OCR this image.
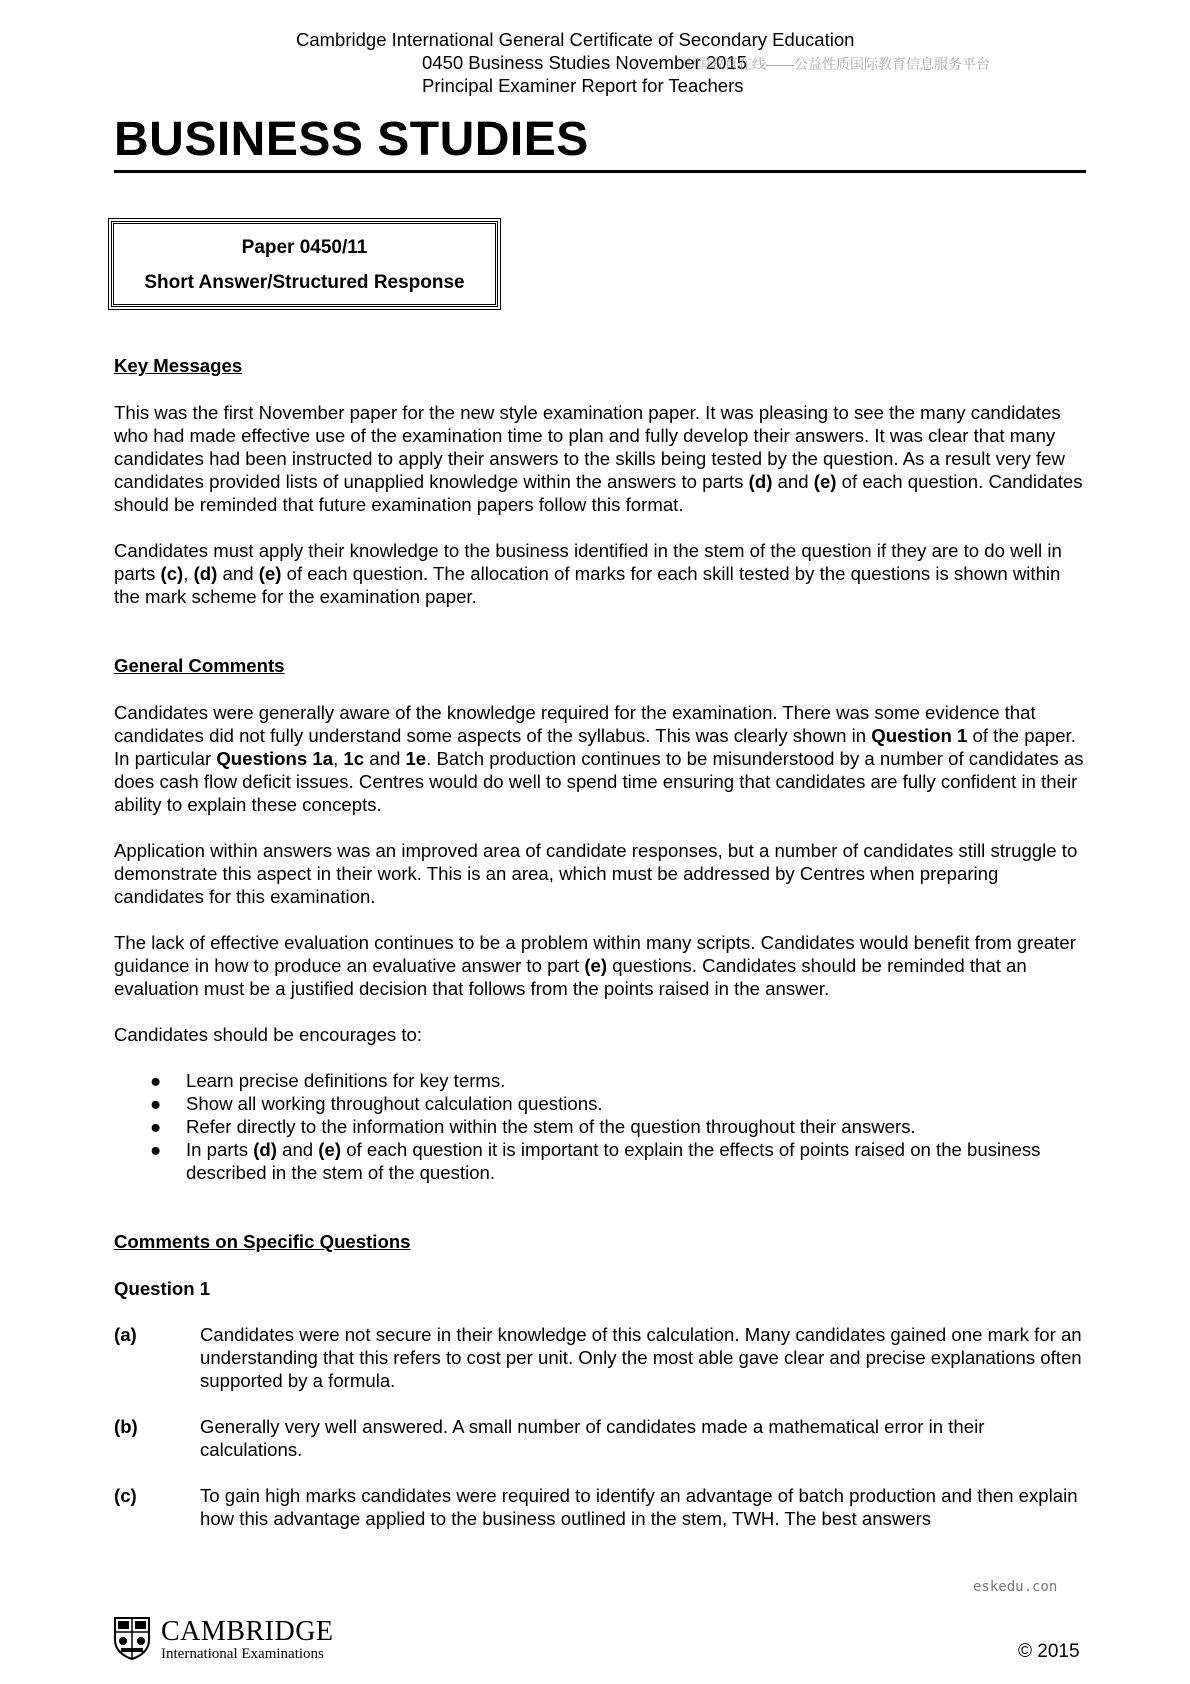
Cambridge International General Certificate of Secondary Education
0450 Business Studies November 2015
Principal Examiner Report for Teachers
中国教育在线——公益性质国际教育信息服务平台
BUSINESS STUDIES
Paper 0450/11
Short Answer/Structured Response
Key Messages

This was the first November paper for the new style examination paper. It was pleasing to see the many candidates who had made effective use of the examination time to plan and fully develop their answers. It was clear that many candidates had been instructed to apply their answers to the skills being tested by the question. As a result very few candidates provided lists of unapplied knowledge within the answers to parts (d) and (e) of each question. Candidates should be reminded that future examination papers follow this format.

Candidates must apply their knowledge to the business identified in the stem of the question if they are to do well in parts (c), (d) and (e) of each question. The allocation of marks for each skill tested by the questions is shown within the mark scheme for the examination paper.

General Comments

Candidates were generally aware of the knowledge required for the examination. There was some evidence that candidates did not fully understand some aspects of the syllabus. This was clearly shown in Question 1 of the paper. In particular Questions 1a, 1c and 1e. Batch production continues to be misunderstood by a number of candidates as does cash flow deficit issues. Centres would do well to spend time ensuring that candidates are fully confident in their ability to explain these concepts.

Application within answers was an improved area of candidate responses, but a number of candidates still struggle to demonstrate this aspect in their work. This is an area, which must be addressed by Centres when preparing candidates for this examination.

The lack of effective evaluation continues to be a problem within many scripts. Candidates would benefit from greater guidance in how to produce an evaluative answer to part (e) questions. Candidates should be reminded that an evaluation must be a justified decision that follows from the points raised in the answer.

Candidates should be encourages to:

● Learn precise definitions for key terms.
● Show all working throughout calculation questions.
● Refer directly to the information within the stem of the question throughout their answers.
● In parts (d) and (e) of each question it is important to explain the effects of points raised on the business described in the stem of the question.
Comments on Specific Questions
Question 1
(a)	Candidates were not secure in their knowledge of this calculation. Many candidates gained one mark for an understanding that this refers to cost per unit. Only the most able gave clear and precise explanations often supported by a formula.
(b)	Generally very well answered. A small number of candidates made a mathematical error in their calculations.
(c)	To gain high marks candidates were required to identify an advantage of batch production and then explain how this advantage applied to the business outlined in the stem, TWH. The best answers
eskedu.con
CAMBRIDGE
International Examinations	© 2015
